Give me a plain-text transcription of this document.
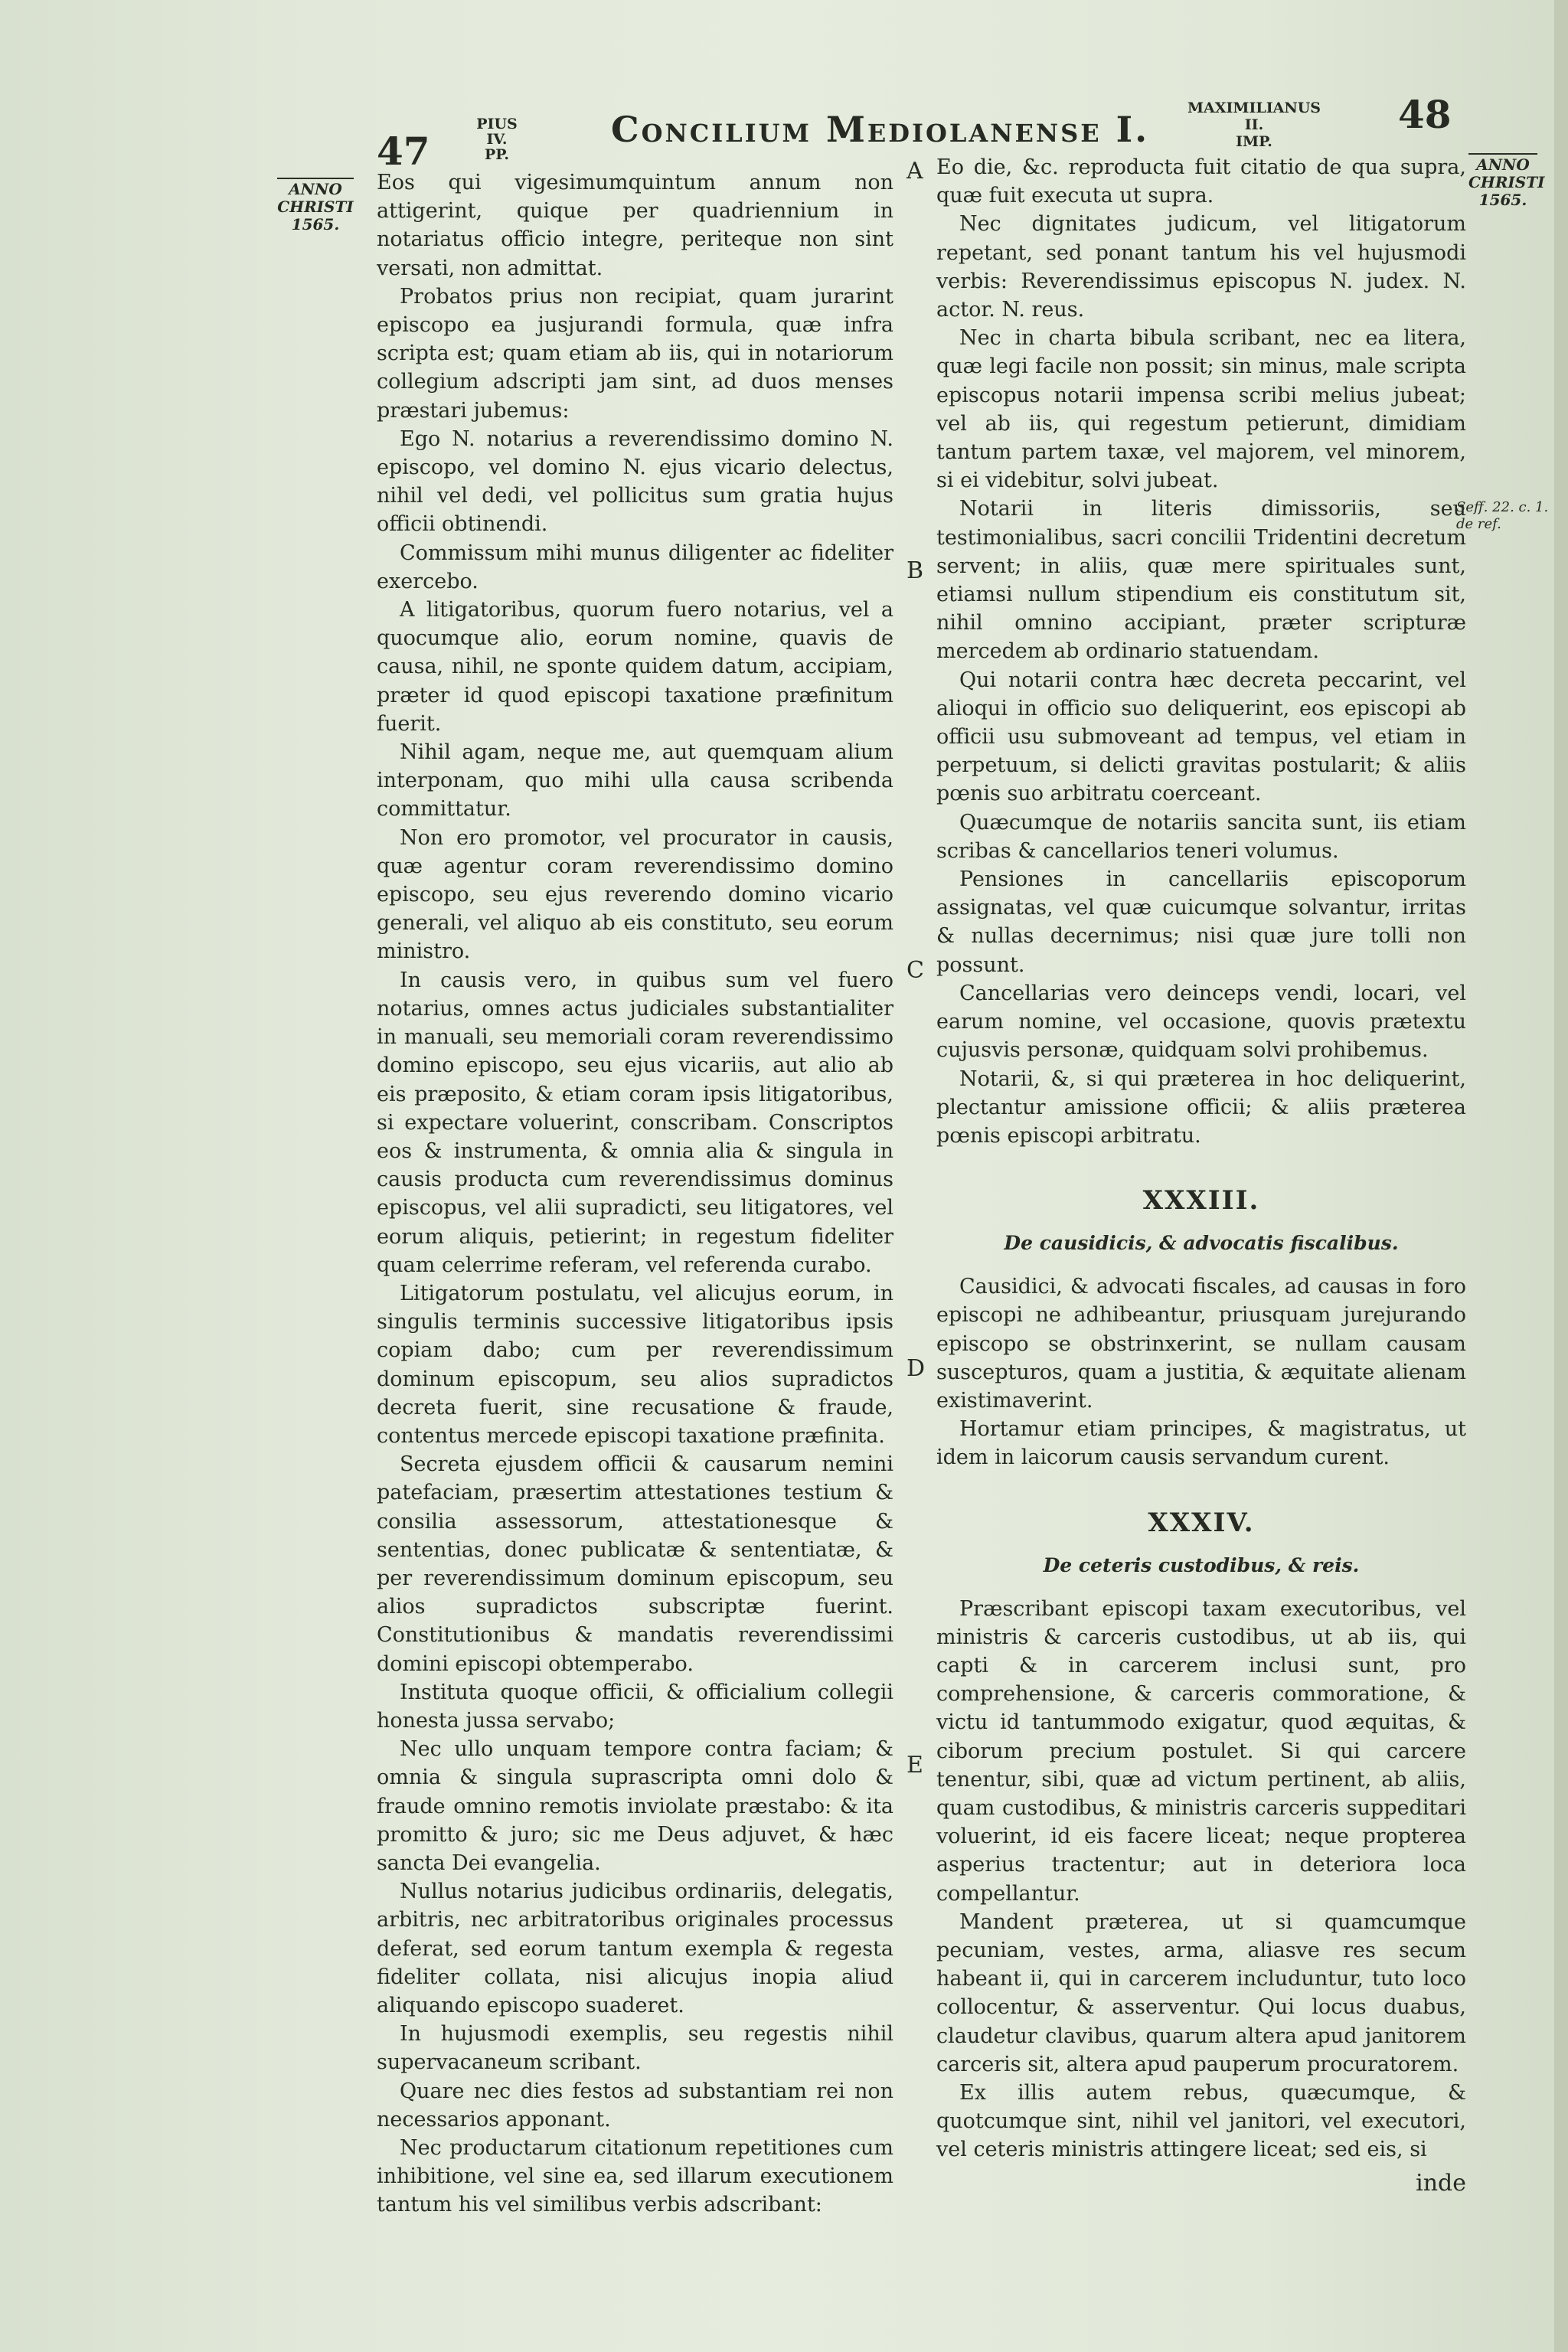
47
PIUS IV.
PP.
Concilium Mediolanense I.
MAXIMILIANUS II.
IMP.
48
ANNO
CHRISTI
1565.
ANNO
CHRISTI
1565.
Seff. 22. c. 1.
de ref.
A
B
C
D
E

Eos qui vigesimumquintum annum non attigerint, quique per quadriennium in notariatus officio integre, periteque non sint versati, non admittat.

Probatos prius non recipiat, quam jurarint episcopo ea jusjurandi formula, quæ infra scripta est; quam etiam ab iis, qui in notariorum collegium adscripti jam sint, ad duos menses præstari jubemus:

Ego N. notarius a reverendissimo domino N. episcopo, vel domino N. ejus vicario delectus, nihil vel dedi, vel pollicitus sum gratia hujus officii obtinendi.

Commissum mihi munus diligenter ac fideliter exercebo.

A litigatoribus, quorum fuero notarius, vel a quocumque alio, eorum nomine, quavis de causa, nihil, ne sponte quidem datum, accipiam, præter id quod episcopi taxatione præfinitum fuerit.

Nihil agam, neque me, aut quemquam alium interponam, quo mihi ulla causa scribenda committatur.

Non ero promotor, vel procurator in causis, quæ agentur coram reverendissimo domino episcopo, seu ejus reverendo domino vicario generali, vel aliquo ab eis constituto, seu eorum ministro.

In causis vero, in quibus sum vel fuero notarius, omnes actus judiciales substantialiter in manuali, seu memoriali coram reverendissimo domino episcopo, seu ejus vicariis, aut alio ab eis præposito, & etiam coram ipsis litigatoribus, si expectare voluerint, conscribam. Conscriptos eos & instrumenta, & omnia alia & singula in causis producta cum reverendissimus dominus episcopus, vel alii supradicti, seu litigatores, vel eorum aliquis, petierint; in regestum fideliter quam celerrime referam, vel referenda curabo.

Litigatorum postulatu, vel alicujus eorum, in singulis terminis successive litigatoribus ipsis copiam dabo; cum per reverendissimum dominum episcopum, seu alios supradictos decreta fuerit, sine recusatione & fraude, contentus mercede episcopi taxatione præfinita.

Secreta ejusdem officii & causarum nemini patefaciam, præsertim attestationes testium & consilia assessorum, attestationesque & sententias, donec publicatæ & sententiatæ, & per reverendissimum dominum episcopum, seu alios supradictos subscriptæ fuerint. Constitutionibus & mandatis reverendissimi domini episcopi obtemperabo.

Instituta quoque officii, & officialium collegii honesta jussa servabo;

Nec ullo unquam tempore contra faciam; & omnia & singula suprascripta omni dolo & fraude omnino remotis inviolate præstabo: & ita promitto & juro; sic me Deus adjuvet, & hæc sancta Dei evangelia.

Nullus notarius judicibus ordinariis, delegatis, arbitris, nec arbitratoribus originales processus deferat, sed eorum tantum exempla & regesta fideliter collata, nisi alicujus inopia aliud aliquando episcopo suaderet.

In hujusmodi exemplis, seu regestis nihil supervacaneum scribant.

Quare nec dies festos ad substantiam rei non necessarios apponant.

Nec productarum citationum repetitiones cum inhibitione, vel sine ea, sed illarum executionem tantum his vel similibus verbis adscribant:

Eo die, &c. reproducta fuit citatio de qua supra, quæ fuit executa ut supra.

Nec dignitates judicum, vel litigatorum repetant, sed ponant tantum his vel hujusmodi verbis: Reverendissimus episcopus N. judex. N. actor. N. reus.

Nec in charta bibula scribant, nec ea litera, quæ legi facile non possit; sin minus, male scripta episcopus notarii impensa scribi melius jubeat; vel ab iis, qui regestum petierunt, dimidiam tantum partem taxæ, vel majorem, vel minorem, si ei videbitur, solvi jubeat.

Notarii in literis dimissoriis, seu testimonialibus, sacri concilii Tridentini decretum servent; in aliis, quæ mere spirituales sunt, etiamsi nullum stipendium eis constitutum sit, nihil omnino accipiant, præter scripturæ mercedem ab ordinario statuendam.

Qui notarii contra hæc decreta peccarint, vel alioqui in officio suo deliquerint, eos episcopi ab officii usu submoveant ad tempus, vel etiam in perpetuum, si delicti gravitas postularit; & aliis pœnis suo arbitratu coerceant.

Quæcumque de notariis sancita sunt, iis etiam scribas & cancellarios teneri volumus.

Pensiones in cancellariis episcoporum assignatas, vel quæ cuicumque solvantur, irritas & nullas decernimus; nisi quæ jure tolli non possunt.

Cancellarias vero deinceps vendi, locari, vel earum nomine, vel occasione, quovis prætextu cujusvis personæ, quidquam solvi prohibemus.

Notarii, &, si qui præterea in hoc deliquerint, plectantur amissione officii; & aliis præterea pœnis episcopi arbitratu.

XXXIII.
De causidicis, & advocatis fiscalibus.

Causidici, & advocati fiscales, ad causas in foro episcopi ne adhibeantur, priusquam jurejurando episcopo se obstrinxerint, se nullam causam suscepturos, quam a justitia, & æquitate alienam existimaverint.

Hortamur etiam principes, & magistratus, ut idem in laicorum causis servandum curent.

XXXIV.
De ceteris custodibus, & reis.

Præscribant episcopi taxam executoribus, vel ministris & carceris custodibus, ut ab iis, qui capti & in carcerem inclusi sunt, pro comprehensione, & carceris commoratione, & victu id tantummodo exigatur, quod æquitas, & ciborum precium postulet. Si qui carcere tenentur, sibi, quæ ad victum pertinent, ab aliis, quam custodibus, & ministris carceris suppeditari voluerint, id eis facere liceat; neque propterea asperius tractentur; aut in deteriora loca compellantur.

Mandent præterea, ut si quamcumque pecuniam, vestes, arma, aliasve res secum habeant ii, qui in carcerem includuntur, tuto loco collocentur, & asserventur. Qui locus duabus, claudetur clavibus, quarum altera apud janitorem carceris sit, altera apud pauperum procuratorem.

Ex illis autem rebus, quæcumque, & quotcumque sint, nihil vel janitori, vel executori, vel ceteris ministris attingere liceat; sed eis, si

inde
